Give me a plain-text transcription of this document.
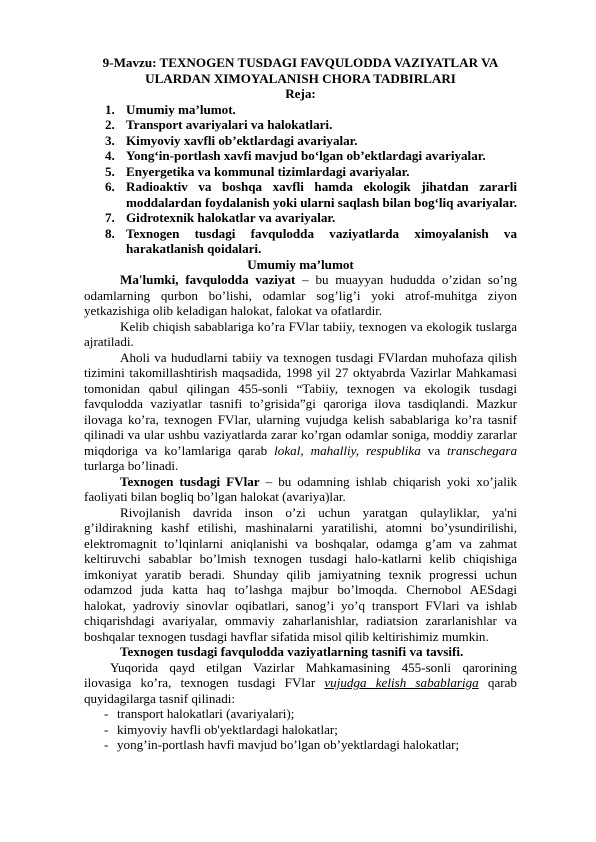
9-Mavzu: TEXNOGEN TUSDAGI FAVQULODDA VAZIYATLAR VA ULARDAN XIMOYALANISH CHORA TADBIRLARI
Reja:
1. Umumiy ma’lumot.
2. Transport avariyalari va halokatlari.
3. Kimyoviy xavfli ob’ektlardagi avariyalar.
4. Yong‘in-portlash xavfi mavjud bo‘lgan ob’ektlardagi avariyalar.
5. Enyergetika va kommunal tizimlardagi avariyalar.
6. Radioaktiv va boshqa xavfli hamda ekologik jihatdan zararli moddalardan foydalanish yoki ularni saqlash bilan bog‘liq avariyalar.
7. Gidrotexnik halokatlar va avariyalar.
8. Texnogen tusdagi favqulodda vaziyatlarda ximoyalanish va harakatlanish qoidalari.
Umumiy ma’lumot

Ma'lumki, favqulodda vaziyat – bu muayyan hududda o’zidan so’ng odamlarning qurbon bo’lishi, odamlar sog’lig’i yoki atrof-muhitga ziyon yetkazishiga olib keladigan halokat, falokat va ofatlardir.

Kelib chiqish sabablariga ko’ra FVlar tabiiy, texnogen va ekologik tuslarga ajratiladi.

Aholi va hududlarni tabiiy va texnogen tusdagi FVlardan muhofaza qilish tizimini takomillashtirish maqsadida, 1998 yil 27 oktyabrda Vazirlar Mahkamasi tomonidan qabul qilingan 455-sonli “Tabiiy, texnogen va ekologik tusdagi favqulodda vaziyatlar tasnifi to’grisida”gi qaroriga ilova tasdiqlandi. Mazkur ilovaga ko’ra, texnogen FVlar, ularning vujudga kelish sabablariga ko’ra tasnif qilinadi va ular ushbu vaziyatlarda zarar ko’rgan odamlar soniga, moddiy zararlar miqdoriga va ko’lamlariga qarab lokal, mahalliy, respublika va transchegara turlarga bo’linadi.

Texnogen tusdagi FVlar – bu odamning ishlab chiqarish yoki xo’jalik faoliyati bilan bogliq bo’lgan halokat (avariya)lar.

Rivojlanish davrida inson o’zi uchun yaratgan qulayliklar, ya'ni g’ildirakning kashf etilishi, mashinalarni yaratilishi, atomni bo’ysundirilishi, elektromagnit to’lqinlarni aniqlanishi va boshqalar, odamga g’am va zahmat keltiruvchi sabablar bo’lmish texnogen tusdagi halo-katlarni kelib chiqishiga imkoniyat yaratib beradi. Shunday qilib jamiyatning texnik progressi uchun odamzod juda katta haq to’lashga majbur bo’lmoqda. Chernobol AESdagi halokat, yadroviy sinovlar oqibatlari, sanog’i yo’q transport FVlari va ishlab chiqarishdagi avariyalar, ommaviy zaharlanishlar, radiatsion zararlanishlar va boshqalar texnogen tusdagi havflar sifatida misol qilib keltirishimiz mumkin.

Texnogen tusdagi favqulodda vaziyatlarning tasnifi va tavsifi.

Yuqorida qayd etilgan Vazirlar Mahkamasining 455-sonli qarorining ilovasiga ko’ra, texnogen tusdagi FVlar vujudga kelish sabablariga qarab quyidagilarga tasnif qilinadi:

- transport halokatlari (avariyalari);
- kimyoviy havfli ob'yektlardagi halokatlar;
- yong’in-portlash havfi mavjud bo’lgan ob’yektlardagi halokatlar;
